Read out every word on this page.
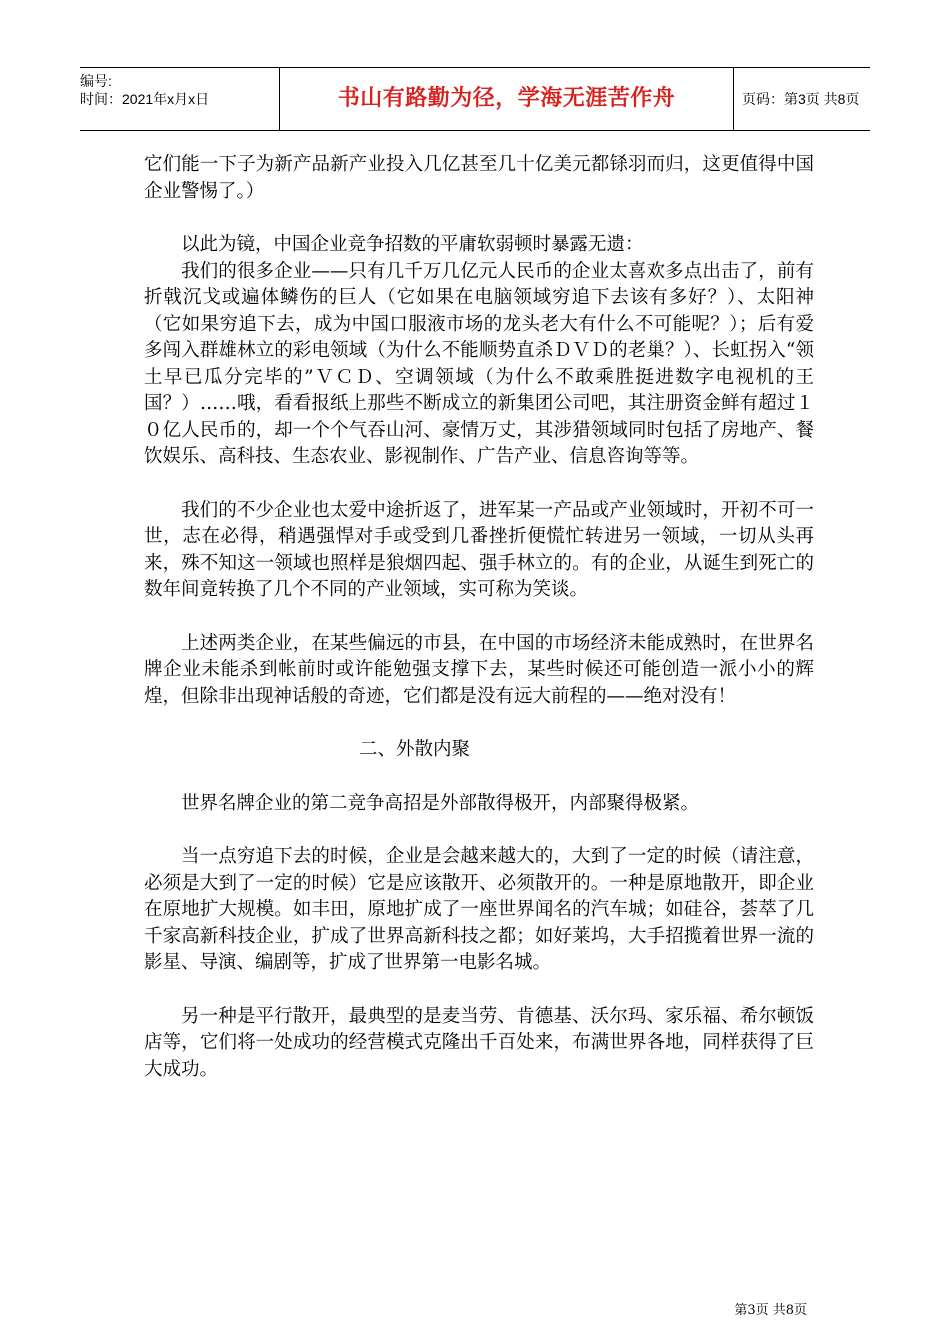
编号:
时间：2021年x月x日	书山有路勤为径，学海无涯苦作舟	页码：第3页 共8页

它们能一下子为新产品新产业投入几亿甚至几十亿美元都铩羽而归，这更值得中国企业警惕了。）

以此为镜，中国企业竞争招数的平庸软弱顿时暴露无遗：

我们的很多企业——只有几千万几亿元人民币的企业太喜欢多点出击了，前有折戟沉戈或遍体鳞伤的巨人（它如果在电脑领域穷追下去该有多好？）、太阳神（它如果穷追下去，成为中国口服液市场的龙头老大有什么不可能呢？）；后有爱多闯入群雄林立的彩电领域（为什么不能顺势直杀ＤＶＤ的老巢？）、长虹拐入“领土早已瓜分完毕的”ＶＣＤ、空调领域（为什么不敢乘胜挺进数字电视机的王国？）……哦，看看报纸上那些不断成立的新集团公司吧，其注册资金鲜有超过１０亿人民币的，却一个个气吞山河、豪情万丈，其涉猎领域同时包括了房地产、餐饮娱乐、高科技、生态农业、影视制作、广告产业、信息咨询等等。

我们的不少企业也太爱中途折返了，进军某一产品或产业领域时，开初不可一世，志在必得，稍遇强悍对手或受到几番挫折便慌忙转进另一领域，一切从头再来，殊不知这一领域也照样是狼烟四起、强手林立的。有的企业，从诞生到死亡的数年间竟转换了几个不同的产业领域，实可称为笑谈。

上述两类企业，在某些偏远的市县，在中国的市场经济未能成熟时，在世界名牌企业未能杀到帐前时或许能勉强支撑下去，某些时候还可能创造一派小小的辉煌，但除非出现神话般的奇迹，它们都是没有远大前程的——绝对没有！

二、外散内聚

世界名牌企业的第二竞争高招是外部散得极开，内部聚得极紧。

当一点穷追下去的时候，企业是会越来越大的，大到了一定的时候（请注意，必须是大到了一定的时候）它是应该散开、必须散开的。一种是原地散开，即企业在原地扩大规模。如丰田，原地扩成了一座世界闻名的汽车城；如硅谷，荟萃了几千家高新科技企业，扩成了世界高新科技之都；如好莱坞，大手招揽着世界一流的影星、导演、编剧等，扩成了世界第一电影名城。

另一种是平行散开，最典型的是麦当劳、肯德基、沃尔玛、家乐福、希尔顿饭店等，它们将一处成功的经营模式克隆出千百处来，布满世界各地，同样获得了巨大成功。

第3页 共8页
